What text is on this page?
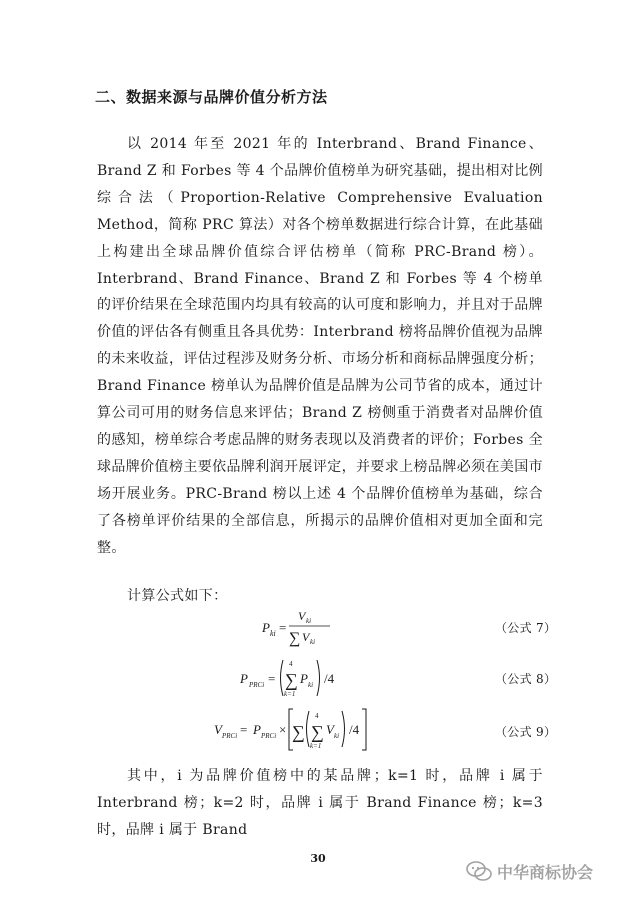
二、数据来源与品牌价值分析方法
以 2014 年至 2021 年的 Interbrand、Brand Finance、Brand Z 和 Forbes 等 4 个品牌价值榜单为研究基础，提出相对比例综合法（Proportion-Relative Comprehensive Evaluation Method，简称 PRC 算法）对各个榜单数据进行综合计算，在此基础上构建出全球品牌价值综合评估榜单（简称 PRC-Brand 榜）。Interbrand、Brand Finance、Brand Z 和 Forbes 等 4 个榜单的评价结果在全球范围内均具有较高的认可度和影响力，并且对于品牌价值的评估各有侧重且各具优势：Interbrand 榜将品牌价值视为品牌的未来收益，评估过程涉及财务分析、市场分析和商标品牌强度分析；Brand Finance 榜单认为品牌价值是品牌为公司节省的成本，通过计算公司可用的财务信息来评估；Brand Z 榜侧重于消费者对品牌价值的感知，榜单综合考虑品牌的财务表现以及消费者的评价；Forbes 全球品牌价值榜主要依品牌利润开展评定，并要求上榜品牌必须在美国市场开展业务。PRC-Brand 榜以上述 4 个品牌价值榜单为基础，综合了各榜单评价结果的全部信息，所揭示的品牌价值相对更加全面和完整。
计算公式如下：
P ki =
V ki
∑ V ki
（公式 7）
P PRCi =
4
∑
k=1
P ki /4	（公式 8）
V PRCi = P PRCi × ∑
4
∑
k=1
V ki /4	（公式 9）
其中，i 为品牌价值榜中的某品牌；k=1 时，品牌 i 属于 Interbrand 榜；k=2 时，品牌 i 属于 Brand Finance 榜；k=3 时，品牌 i 属于 Brand
30
中华商标协会
